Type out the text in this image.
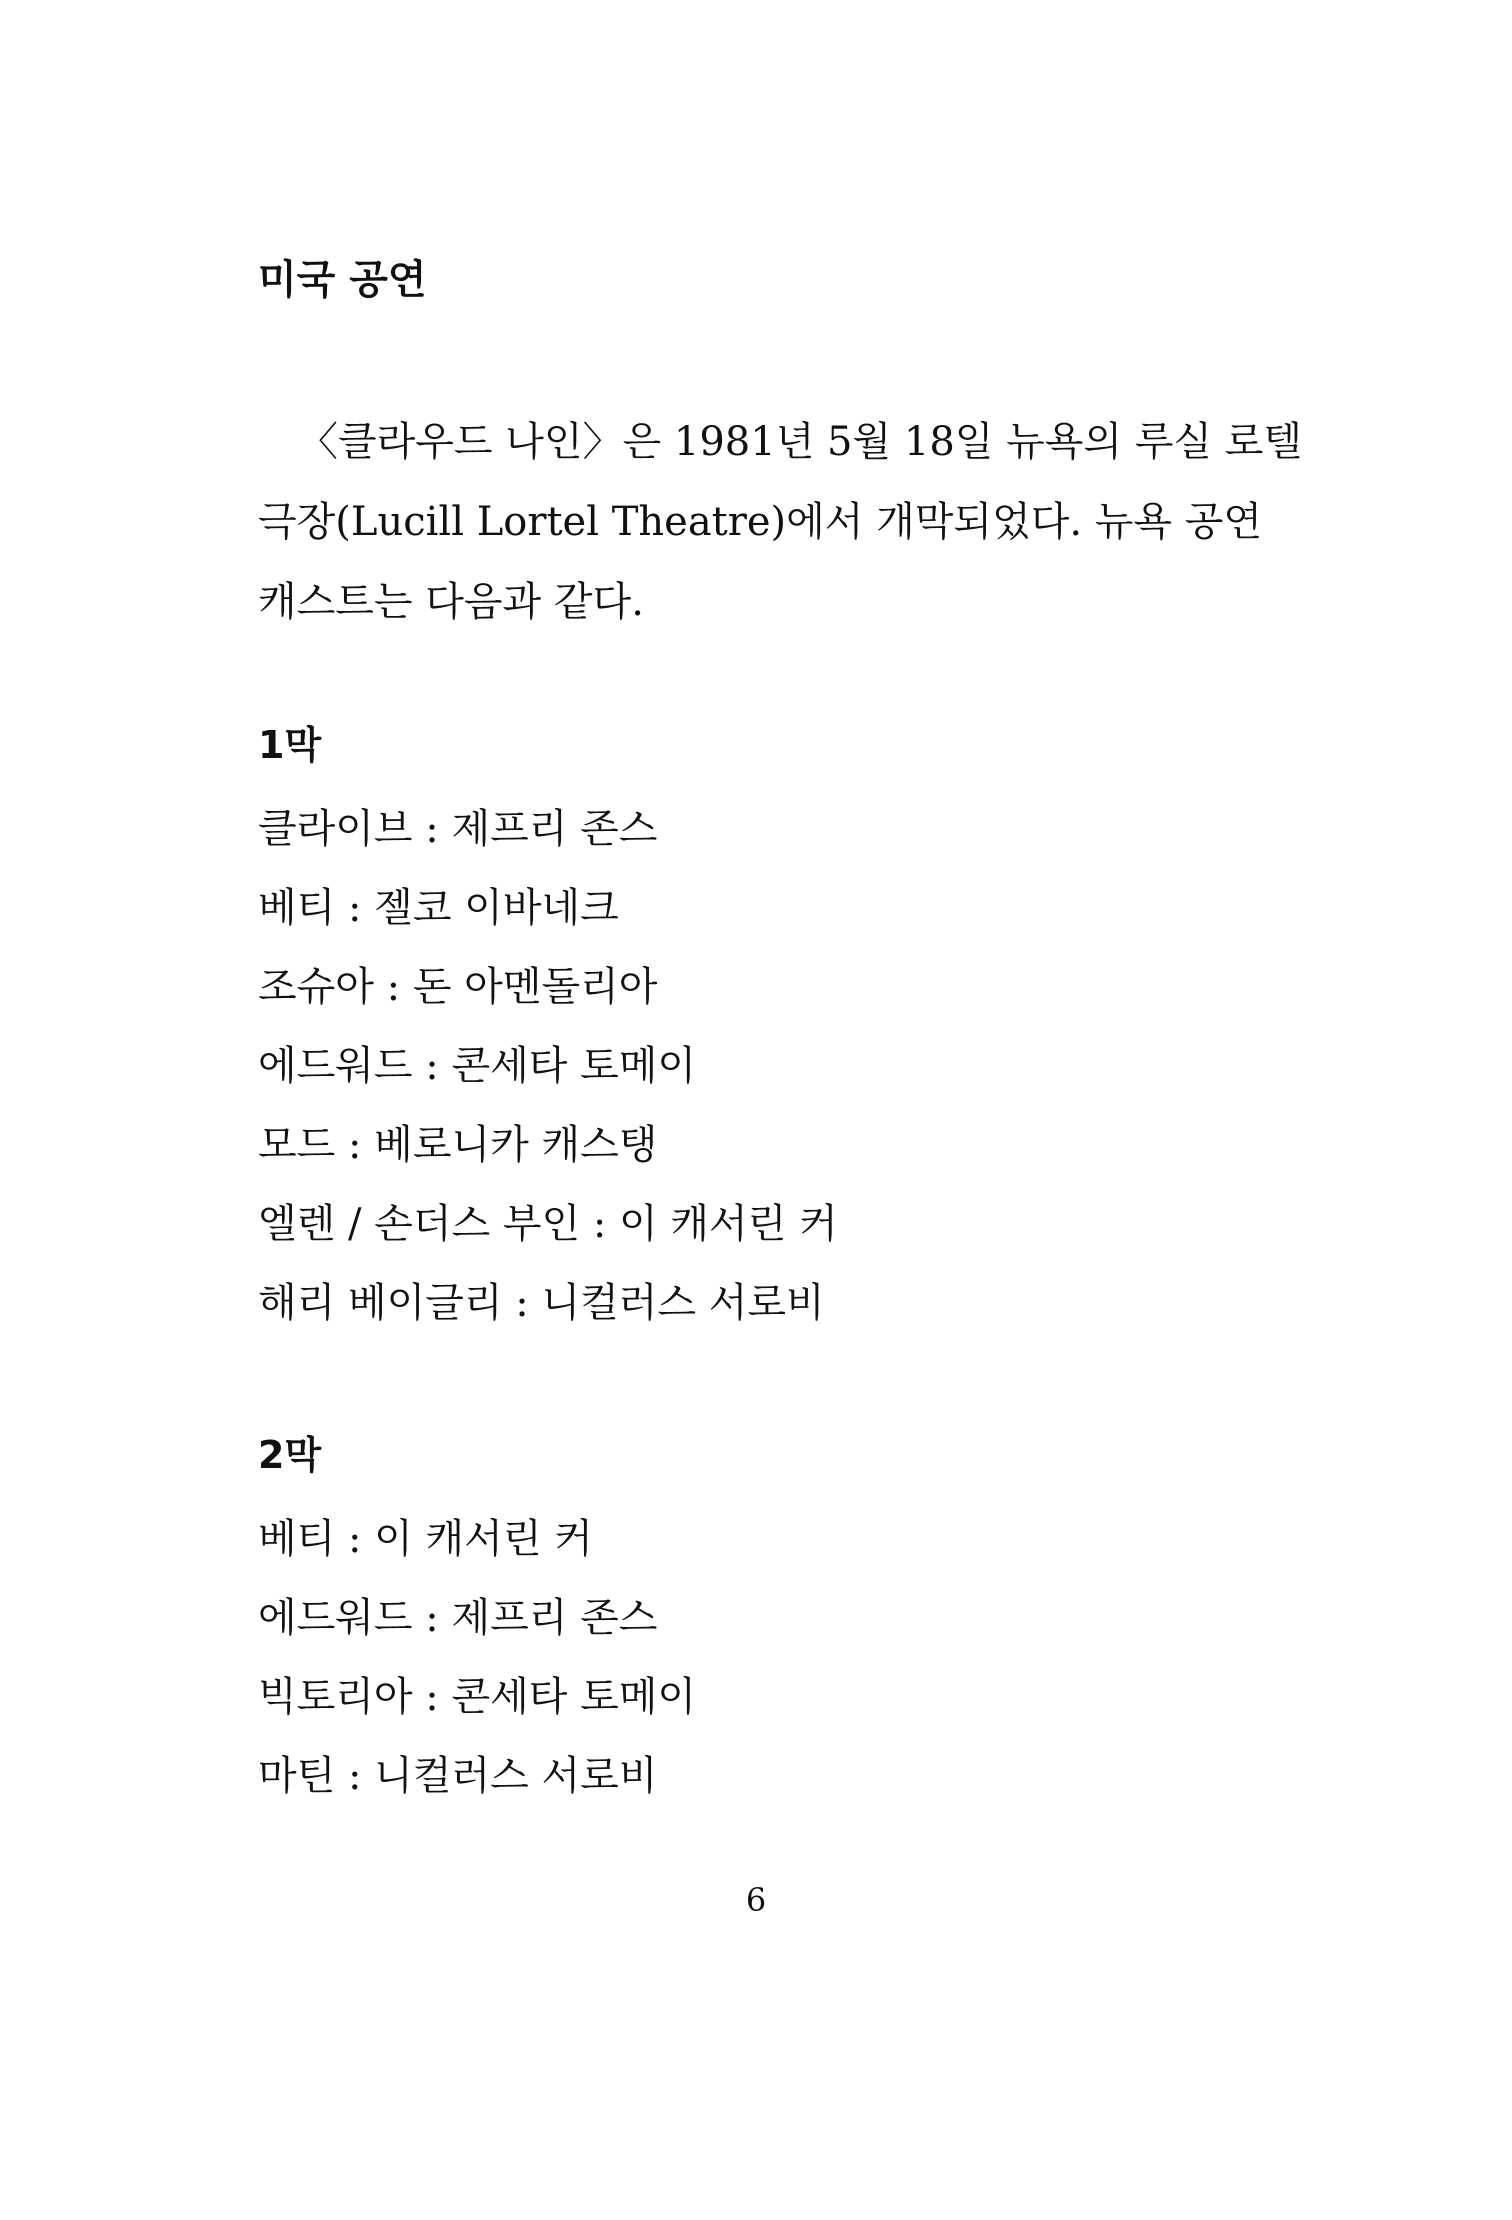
미국 공연

〈클라우드 나인〉은 1981년 5월 18일 뉴욕의 루실 로텔
극장(Lucill Lortel Theatre)에서 개막되었다. 뉴욕 공연
캐스트는 다음과 같다.

1막
클라이브 : 제프리 존스
베티 : 젤코 이바네크
조슈아 : 돈 아멘돌리아
에드워드 : 콘세타 토메이
모드 : 베로니카 캐스탱
엘렌 / 손더스 부인 : 이 캐서린 커
해리 베이글리 : 니컬러스 서로비
2막
베티 : 이 캐서린 커
에드워드 : 제프리 존스
빅토리아 : 콘세타 토메이
마틴 : 니컬러스 서로비
6
